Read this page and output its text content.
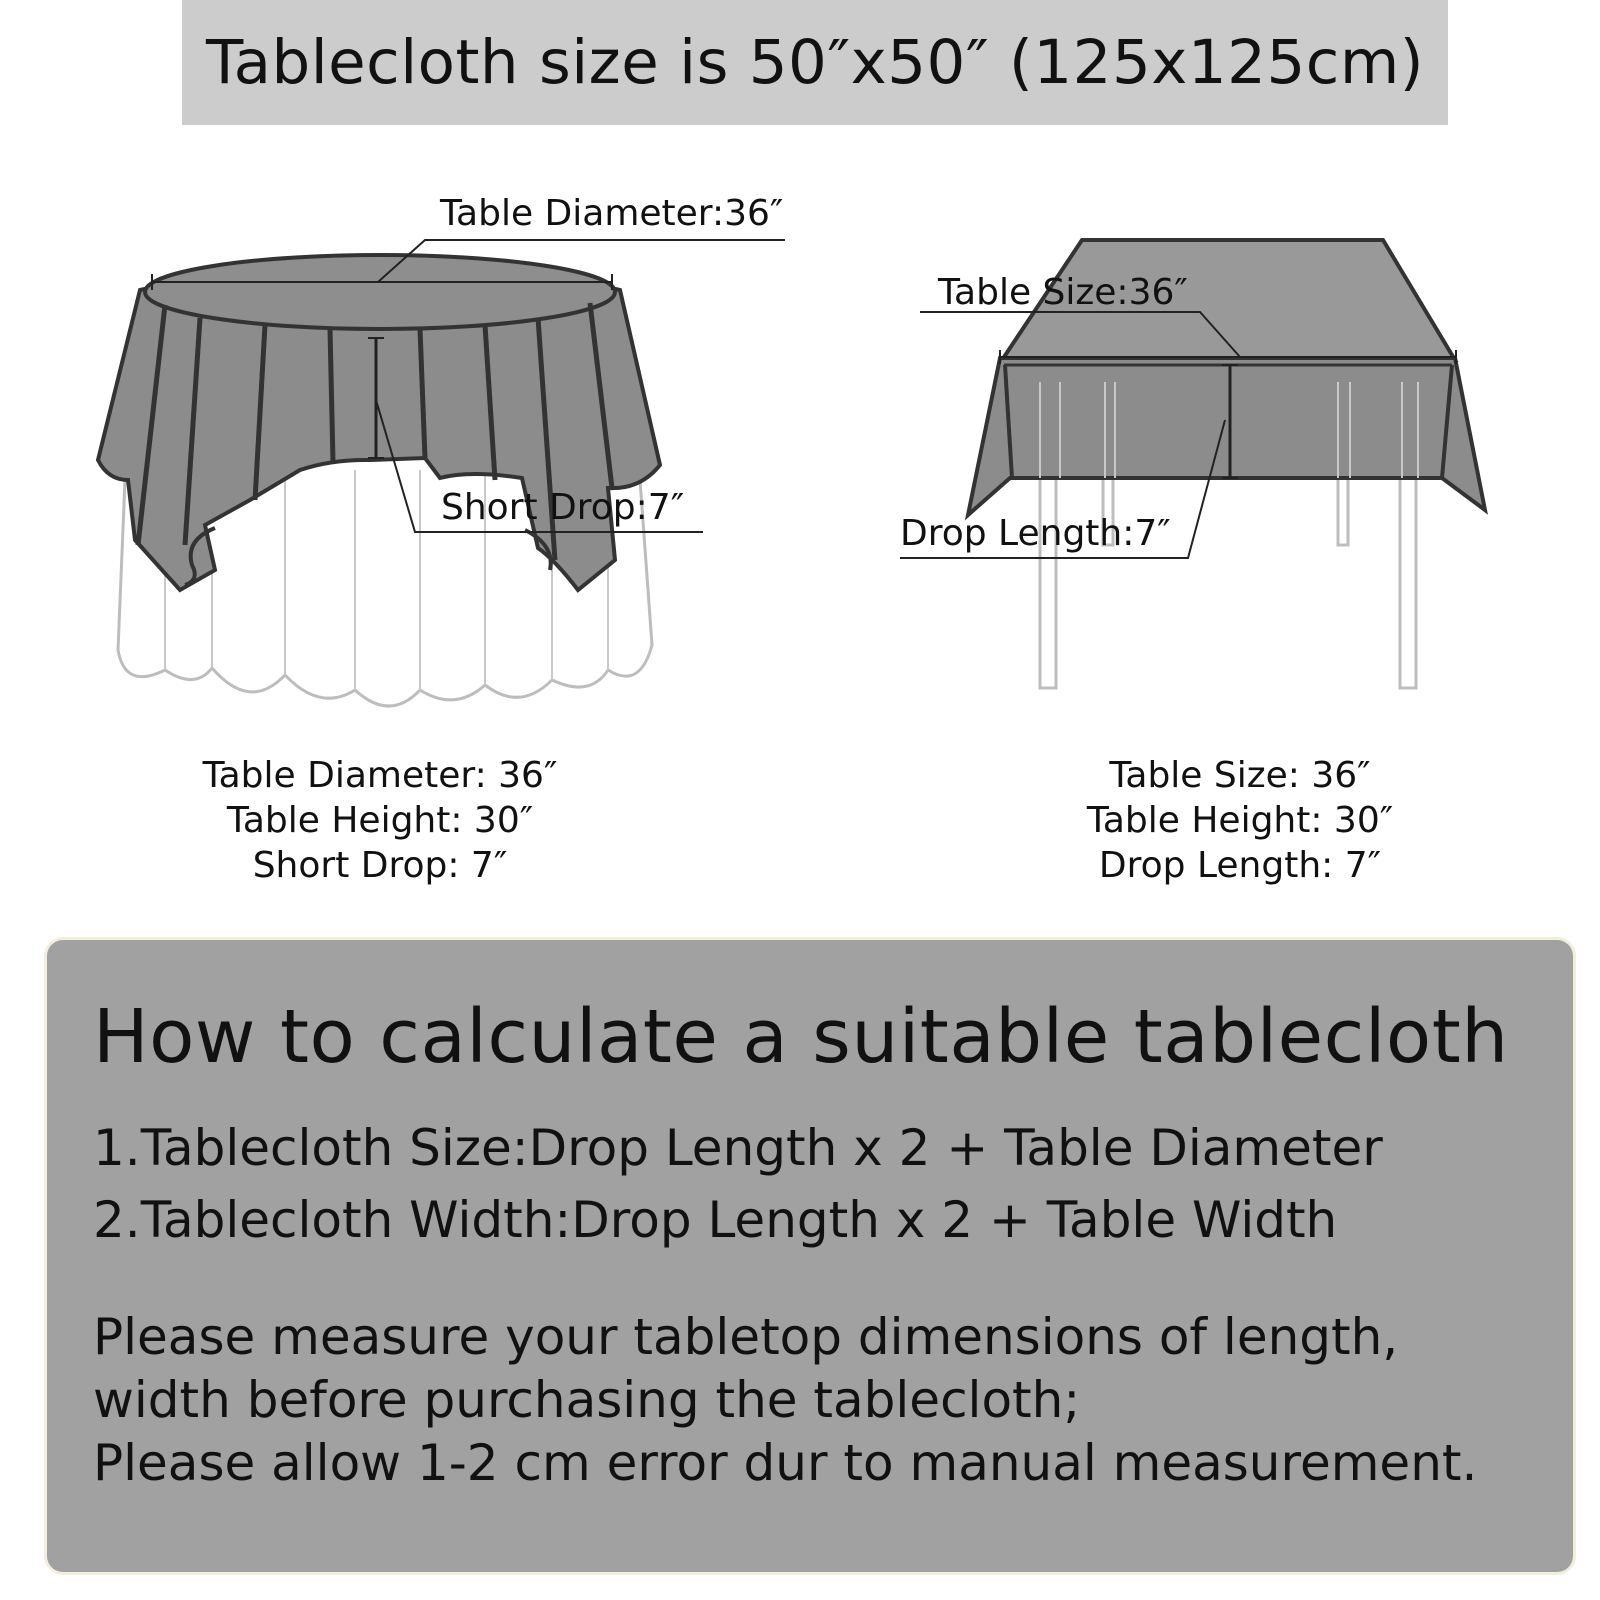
Tablecloth size is 50″x50″ (125x125cm)
Table Diameter:36″
Short Drop:7″
Table Size:36″
Drop Length:7″
Table Diameter: 36″
Table Height: 30″
Short Drop: 7″
Table Size: 36″
Table Height: 30″
Drop Length: 7″
How to calculate a suitable tablecloth
1.Tablecloth Size:Drop Length x 2 + Table Diameter
2.Tablecloth Width:Drop Length x 2 + Table Width
Please measure your tabletop dimensions of length,
width before purchasing the tablecloth;
Please allow 1-2 cm error dur to manual measurement.
